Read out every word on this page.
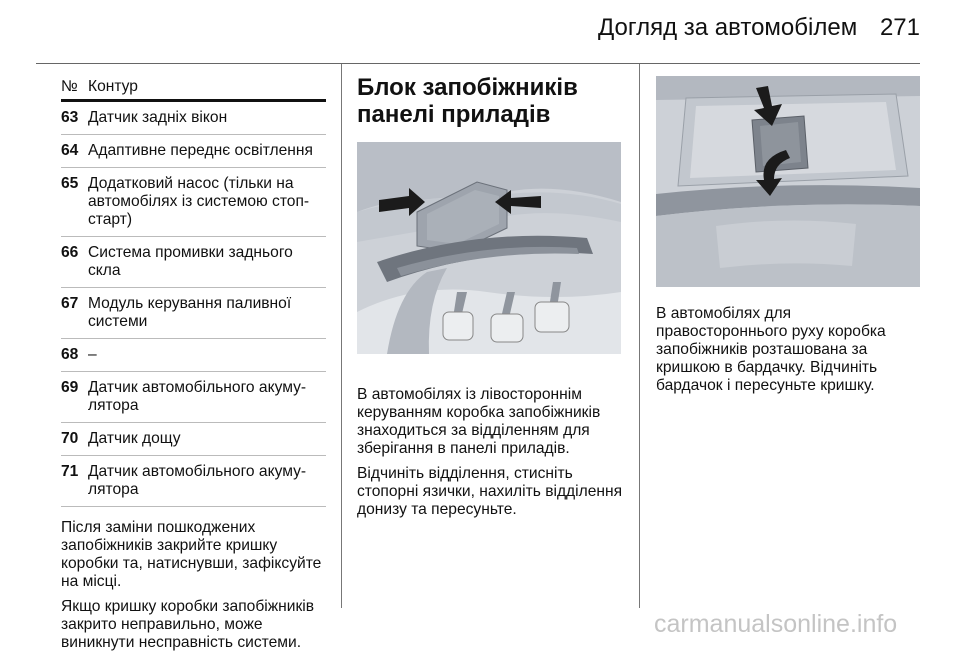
Догляд за автомобілем 271
№ Контур
63 Датчик задніх вікон
64 Адаптивне переднє освітлення
65 Додатковий насос (тільки на автомобілях із системою стоп-старт)
66 Система промивки заднього скла
67 Модуль керування паливної системи
68 –
69 Датчик автомобільного акумулятора
70 Датчик дощу
71 Датчик автомобільного акумулятора

Після заміни пошкоджених запобіжників закрийте кришку коробки та, натиснувши, зафіксуйте на місці.

Якщо кришку коробки запобіжників закрито неправильно, може виникнути несправність системи.

Блок запобіжників панелі приладів

В автомобілях із лівостороннім керуванням коробка запобіжників знаходиться за відділенням для зберігання в панелі приладів.

Відчиніть відділення, стисніть стопорні язички, нахиліть відділення донизу та пересуньте.

В автомобілях для правостороннього руху коробка запобіжників розташована за кришкою в бардачку. Відчиніть бардачок і пересуньте кришку.

carmanualsonline.info
